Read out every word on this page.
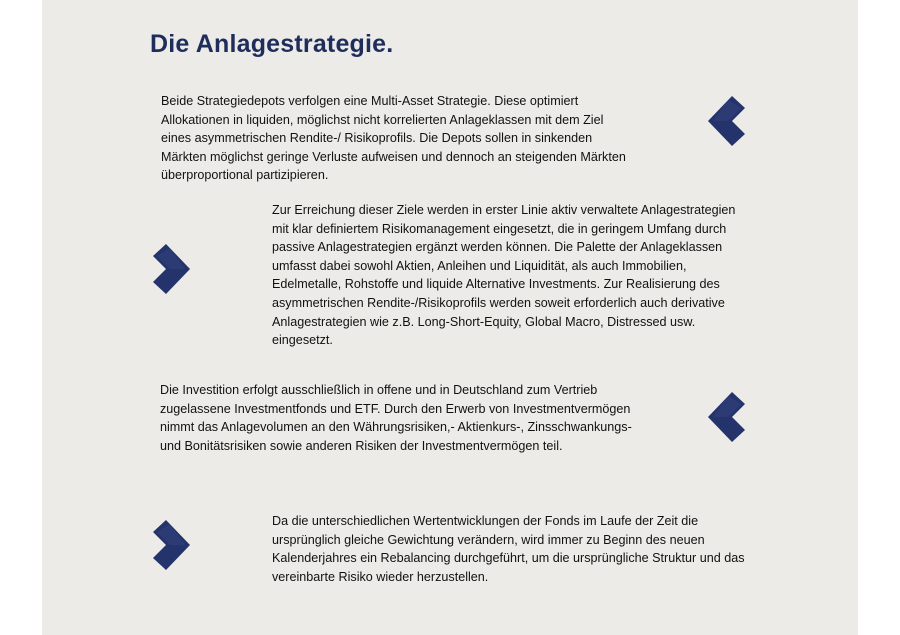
Die Anlagestrategie.

Beide Strategiedepots verfolgen eine Multi-Asset Strategie. Diese optimiert Allokationen in liquiden, möglichst nicht korrelierten Anlageklassen mit dem Ziel eines asymmetrischen Rendite-/ Risikoprofils. Die Depots sollen in sinkenden Märkten möglichst geringe Verluste aufweisen und dennoch an steigenden Märkten überproportional partizipieren.

Zur Erreichung dieser Ziele werden in erster Linie aktiv verwaltete Anlagestrategien mit klar definiertem Risikomanagement eingesetzt, die in geringem Umfang durch passive Anlagestrategien ergänzt werden können. Die Palette der Anlageklassen umfasst dabei sowohl Aktien, Anleihen und Liquidität, als auch Immobilien, Edelmetalle, Rohstoffe und liquide Alternative Investments. Zur Realisierung des asymmetrischen Rendite-/Risikoprofils werden soweit erforderlich auch derivative Anlagestrategien wie z.B. Long-Short-Equity, Global Macro, Distressed usw. eingesetzt.

Die Investition erfolgt ausschließlich in offene und in Deutschland zum Vertrieb zugelassene Investmentfonds und ETF. Durch den Erwerb von Investmentvermögen nimmt das Anlagevolumen an den Währungsrisiken,- Aktienkurs-, Zinsschwankungs- und Bonitätsrisiken sowie anderen Risiken der Investmentvermögen teil.

Da die unterschiedlichen Wertentwicklungen der Fonds im Laufe der Zeit die ursprünglich gleiche Gewichtung verändern, wird immer zu Beginn des neuen Kalenderjahres ein Rebalancing durchgeführt, um die ursprüngliche Struktur und das vereinbarte Risiko wieder herzustellen.
